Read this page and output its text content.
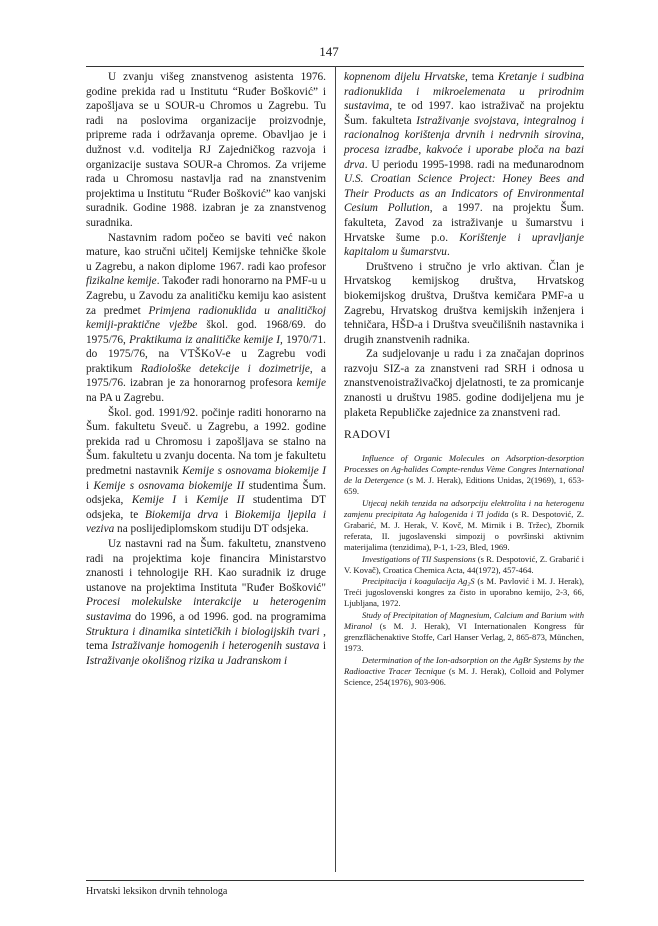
147

U zvanju višeg znanstvenog asistenta 1976. godine prekida rad u Institutu “Ruđer Bošković” i zapošljava se u SOUR-u Chromos u Zagrebu. Tu radi na poslovima organizacije proizvodnje, pripreme rada i održavanja opreme. Obavljao je i dužnost v.d. voditelja RJ Zajedničkog razvoja i organizacije sustava SOUR-a Chromos. Za vrijeme rada u Chromosu nastavlja rad na znanstvenim projektima u Institutu “Ruđer Bošković” kao vanjski suradnik. Godine 1988. izabran je za znanstvenog suradnika.

Nastavnim radom počeo se baviti već nakon mature, kao stručni učitelj Kemijske tehničke škole u Zagrebu, a nakon diplome 1967. radi kao profesor fizikalne kemije. Također radi honorarno na PMF-u u Zagrebu, u Zavodu za analitičku kemiju kao asistent za predmet Primjena radionuklida u analitičkoj kemiji-praktične vježbe škol. god. 1968/69. do 1975/76, Praktikuma iz analitičke kemije I, 1970/71. do 1975/76, na VTŠKoV-e u Zagrebu vodi praktikum Radiološke detekcije i dozimetrije, a 1975/76. izabran je za honorarnog profesora kemije na PA u Zagrebu.

Škol. god. 1991/92. počinje raditi honorarno na Šum. fakultetu Sveuč. u Zagrebu, a 1992. godine prekida rad u Chromosu i zapošljava se stalno na Šum. fakultetu u zvanju docenta. Na tom je fakultetu predmetni nastavnik Kemije s osnovama biokemije I i Kemije s osnovama biokemije II studentima Šum. odsjeka, Kemije I i Kemije II studentima DT odsjeka, te Biokemija drva i Biokemija ljepila i veziva na poslijediplomskom studiju DT odsjeka.

Uz nastavni rad na Šum. fakultetu, znanstveno radi na projektima koje financira Ministarstvo znanosti i tehnologije RH. Kao suradnik iz druge ustanove na projektima Instituta "Ruđer Bošković" Procesi molekulske interakcije u heterogenim sustavima do 1996, a od 1996. god. na programima Struktura i dinamika sintetičkih i biologijskih tvari , tema Istraživanje homogenih i heterogenih sustava i Istraživanje okolišnog rizika u Jadranskom i

kopnenom dijelu Hrvatske, tema Kretanje i sudbina radionuklida i mikroelemenata u prirodnim sustavima, te od 1997. kao istraživač na projektu Šum. fakulteta Istraživanje svojstava, integralnog i racionalnog korištenja drvnih i nedrvnih sirovina, procesa izradbe, kakvoće i uporabe ploča na bazi drva. U periodu 1995-1998. radi na međunarodnom U.S. Croatian Science Project: Honey Bees and Their Products as an Indicators of Environmental Cesium Pollution, a 1997. na projektu Šum. fakulteta, Zavod za istraživanje u šumarstvu i Hrvatske šume p.o. Korištenje i upravljanje kapitalom u šumarstvu.

Društveno i stručno je vrlo aktivan. Član je Hrvatskog kemijskog društva, Hrvatskog biokemijskog društva, Društva kemičara PMF-a u Zagrebu, Hrvatskog društva kemijskih inženjera i tehničara, HŠD-a i Društva sveučilišnih nastavnika i drugih znanstvenih radnika.

Za sudjelovanje u radu i za značajan doprinos razvoju SIZ-a za znanstveni rad SRH i odnosa u znanstvenoistraživačkoj djelatnosti, te za promicanje znanosti u društvu 1985. godine dodijeljena mu je plaketa Republičke zajednice za znanstveni rad.

RADOVI

Influence of Organic Molecules on Adsorption-desorption Processes on Ag-halides Compte-rendus Vème Congres International de la Detergence (s M. J. Herak), Editions Unidas, 2(1969), 1, 653-659.

Utjecaj nekih tenzida na adsorpciju elektrolita i na heterogenu zamjenu precipitata Ag halogenida i Tl jodida (s R. Despotović, Z. Grabarić, M. J. Herak, V. Kovč, M. Mirnik i B. Tržec), Zbornik referata, II. jugoslavenski simpozij o površinski aktivnim materijalima (tenzidima), P-1, 1-23, Bled, 1969.

Investigations of TlI Suspensions (s R. Despotović, Z. Grabarić i V. Kovač), Croatica Chemica Acta, 44(1972), 457-464.

Precipitacija i koagulacija Ag₂S (s M. Pavlović i M. J. Herak), Treći jugoslovenski kongres za čisto in uporabno kemijo, 2-3, 66, Ljubljana, 1972.

Study of Precipitation of Magnesium, Calcium and Barium with Miranol (s M. J. Herak), VI Internationalen Kongress für grenzflächenaktive Stoffe, Carl Hanser Verlag, 2, 865-873, München, 1973.

Determination of the Ion-adsorption on the AgBr Systems by the Radioactive Tracer Tecnique (s M. J. Herak), Colloid and Polymer Science, 254(1976), 903-906.

Hrvatski leksikon drvnih tehnologa
